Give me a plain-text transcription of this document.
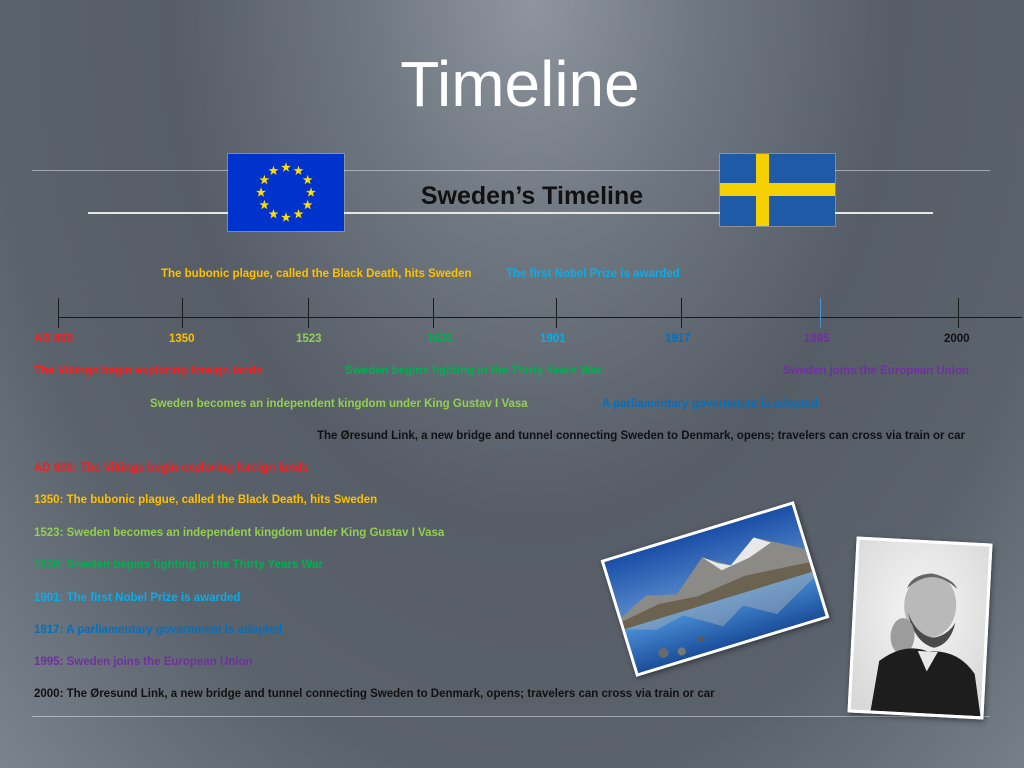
Timeline
Sweden’s Timeline
The bubonic plague, called the Black Death, hits Sweden	The first Nobel Prize is awarded
AD 800	1350	1523	1630	1901	1917	1995	2000
The Vikings begin exploring foreign lands	Sweden begins fighting in the Thirty Years War	Sweden joins the European Union
Sweden becomes an independent kingdom under King Gustav I Vasa	A parliamentary government is adopted
The Øresund Link, a new bridge and tunnel connecting Sweden to Denmark, opens; travelers can cross via train or car
AD 800: The Vikings begin exploring foreign lands
1350: The bubonic plague, called the Black Death, hits Sweden
1523: Sweden becomes an independent kingdom under King Gustav I Vasa
1630: Sweden begins fighting in the Thirty Years War
1901: The first Nobel Prize is awarded
1917: A parliamentary government is adopted
1995: Sweden joins the European Union
2000: The Øresund Link, a new bridge and tunnel connecting Sweden to Denmark, opens; travelers can cross via train or car
